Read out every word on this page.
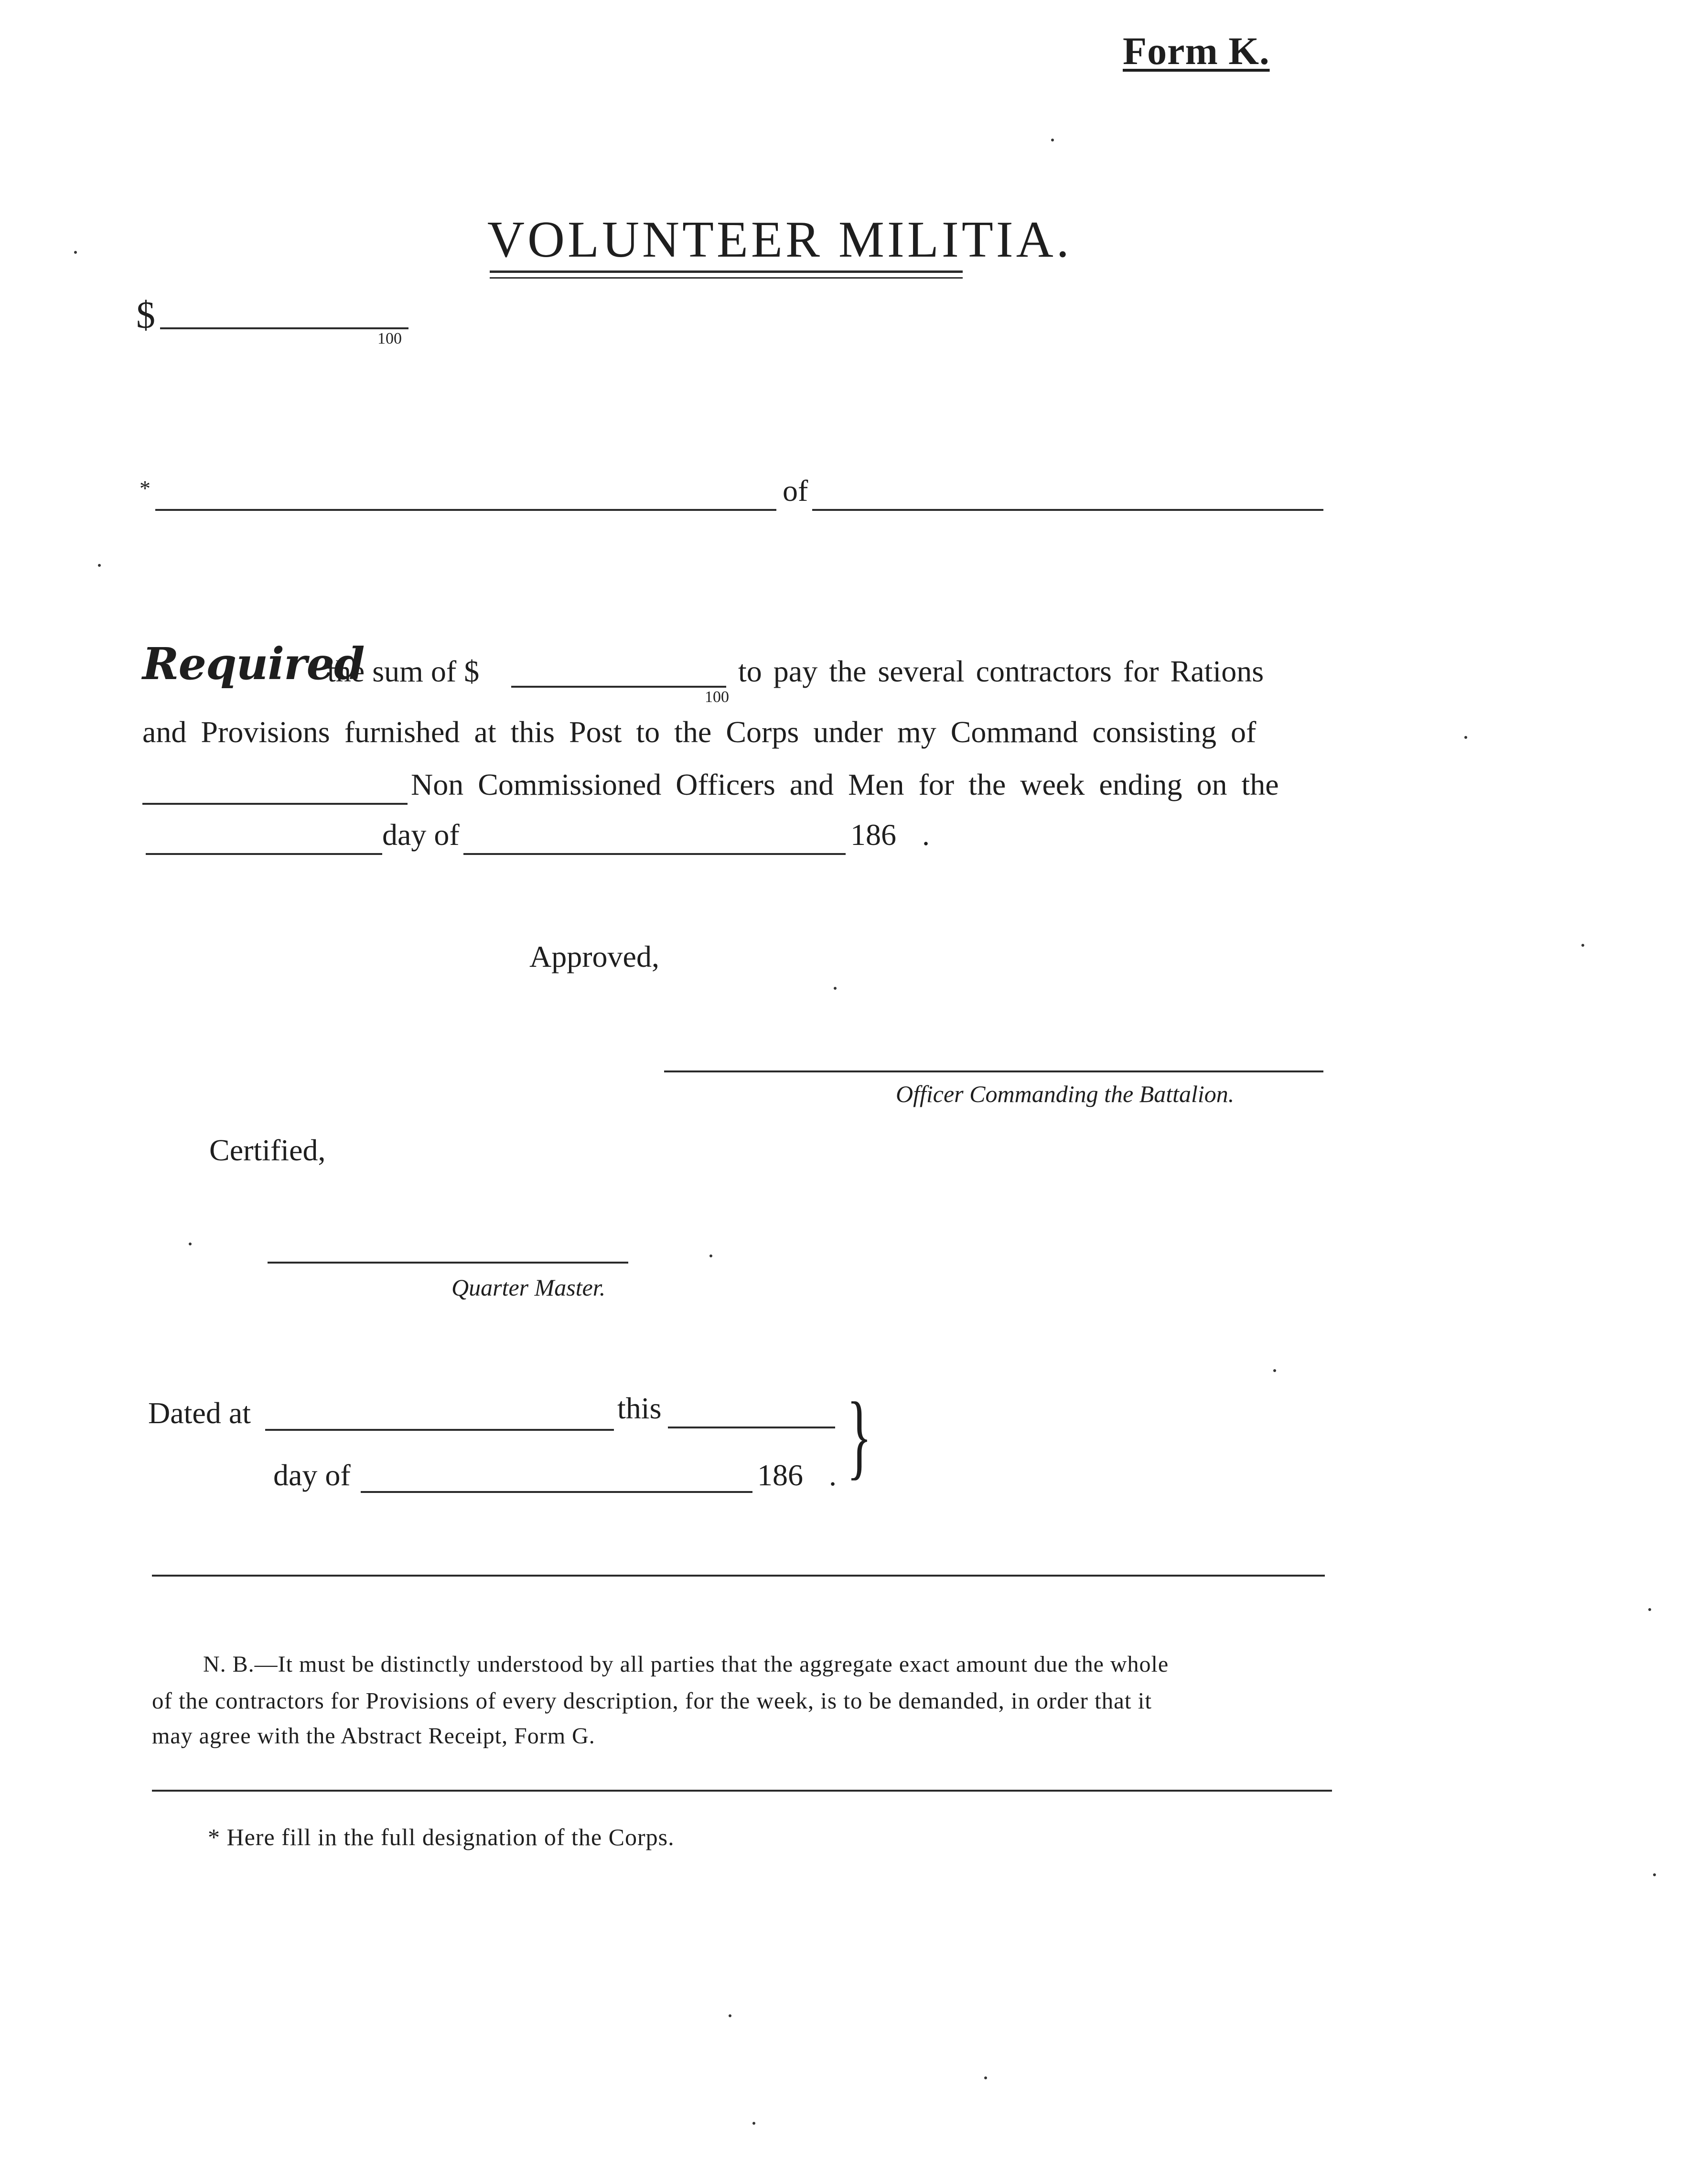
Form K.
VOLUNTEER MILITIA.
$
100
*	of
Required
the sum of $
100
to pay the several contractors for Rations
and Provisions furnished at this Post to the Corps under my Command consisting of
Non Commissioned Officers and Men for the week ending on the
day of	186 .
Approved,
Officer Commanding the Battalion.
Certified,
Quarter Master.
Dated at	this
day of	186 . }
N. B.—It must be distinctly understood by all parties that the aggregate exact amount due the whole
of the contractors for Provisions of every description, for the week, is to be demanded, in order that it
may agree with the Abstract Receipt, Form G.
* Here fill in the full designation of the Corps.
